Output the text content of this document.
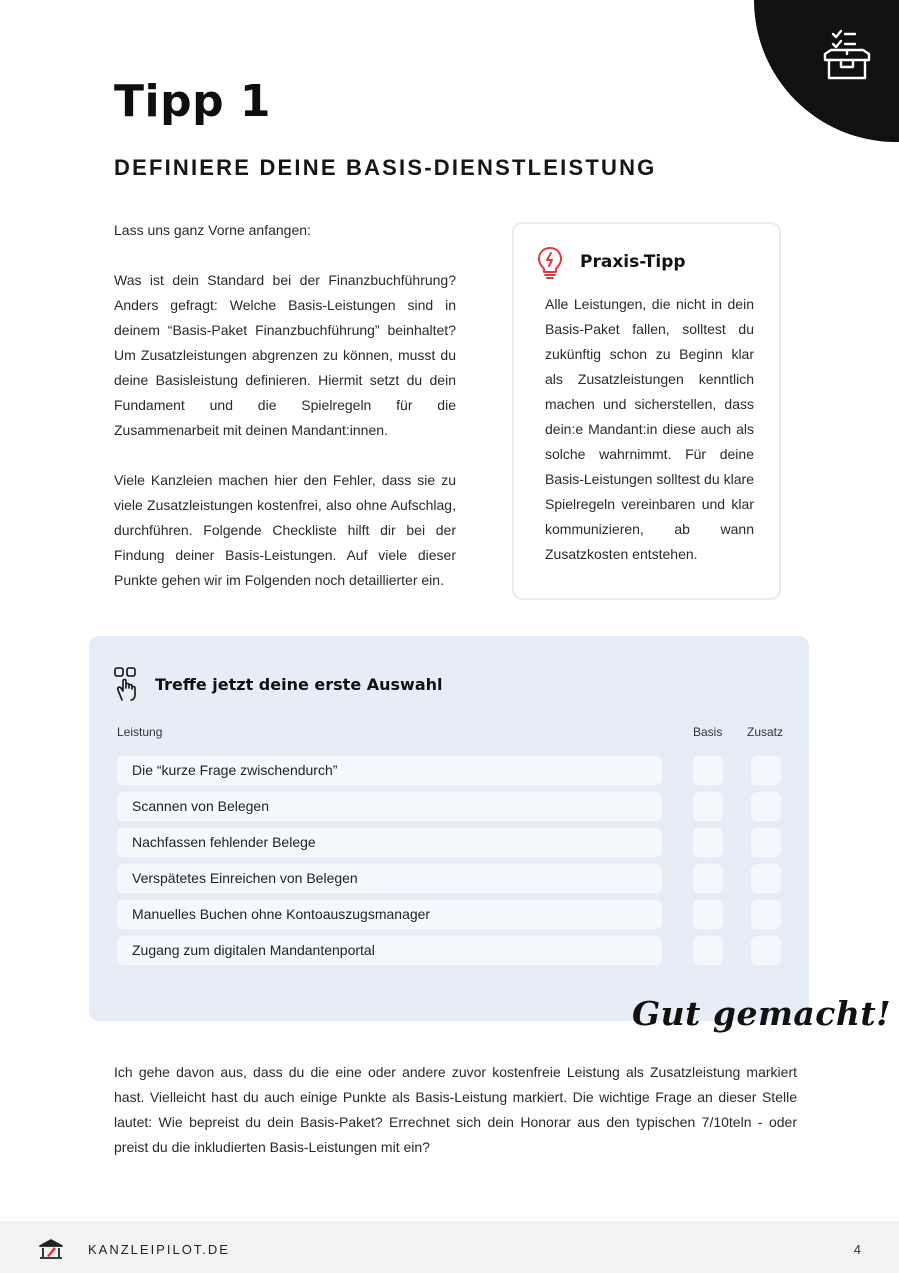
Tipp 1
DEFINIERE DEINE BASIS-DIENSTLEISTUNG

Lass uns ganz Vorne anfangen:

Was ist dein Standard bei der Finanzbuchführung? Anders gefragt: Welche Basis-Leistungen sind in deinem “Basis-Paket Finanzbuchführung” beinhaltet? Um Zusatzleistungen abgrenzen zu können, musst du deine Basisleistung definieren. Hiermit setzt du dein Fundament und die Spielregeln für die Zusammenarbeit mit deinen Mandant:innen.

Viele Kanzleien machen hier den Fehler, dass sie zu viele Zusatzleistungen kostenfrei, also ohne Aufschlag, durchführen. Folgende Checkliste hilft dir bei der Findung deiner Basis-Leistungen. Auf viele dieser Punkte gehen wir im Folgenden noch detaillierter ein.

Praxis-Tipp

Alle Leistungen, die nicht in dein Basis-Paket fallen, solltest du zukünftig schon zu Beginn klar als Zusatzleistungen kenntlich machen und sicherstellen, dass dein:e Mandant:in diese auch als solche wahrnimmt. Für deine Basis-Leistungen solltest du klare Spielregeln vereinbaren und klar kommunizieren, ab wann Zusatzkosten entstehen.

Treffe jetzt deine erste Auswahl
Leistung	Basis Zusatz
Die “kurze Frage zwischendurch”
Scannen von Belegen
Nachfassen fehlender Belege
Verspätetes Einreichen von Belegen
Manuelles Buchen ohne Kontoauszugsmanager
Zugang zum digitalen Mandantenportal
Gut gemacht!

Ich gehe davon aus, dass du die eine oder andere zuvor kostenfreie Leistung als Zusatzleistung markiert hast. Vielleicht hast du auch einige Punkte als Basis-Leistung markiert. Die wichtige Frage an dieser Stelle lautet: Wie bepreist du dein Basis-Paket? Errechnet sich dein Honorar aus den typischen 7/10teln - oder preist du die inkludierten Basis-Leistungen mit ein?

KANZLEIPILOT.DE	4
